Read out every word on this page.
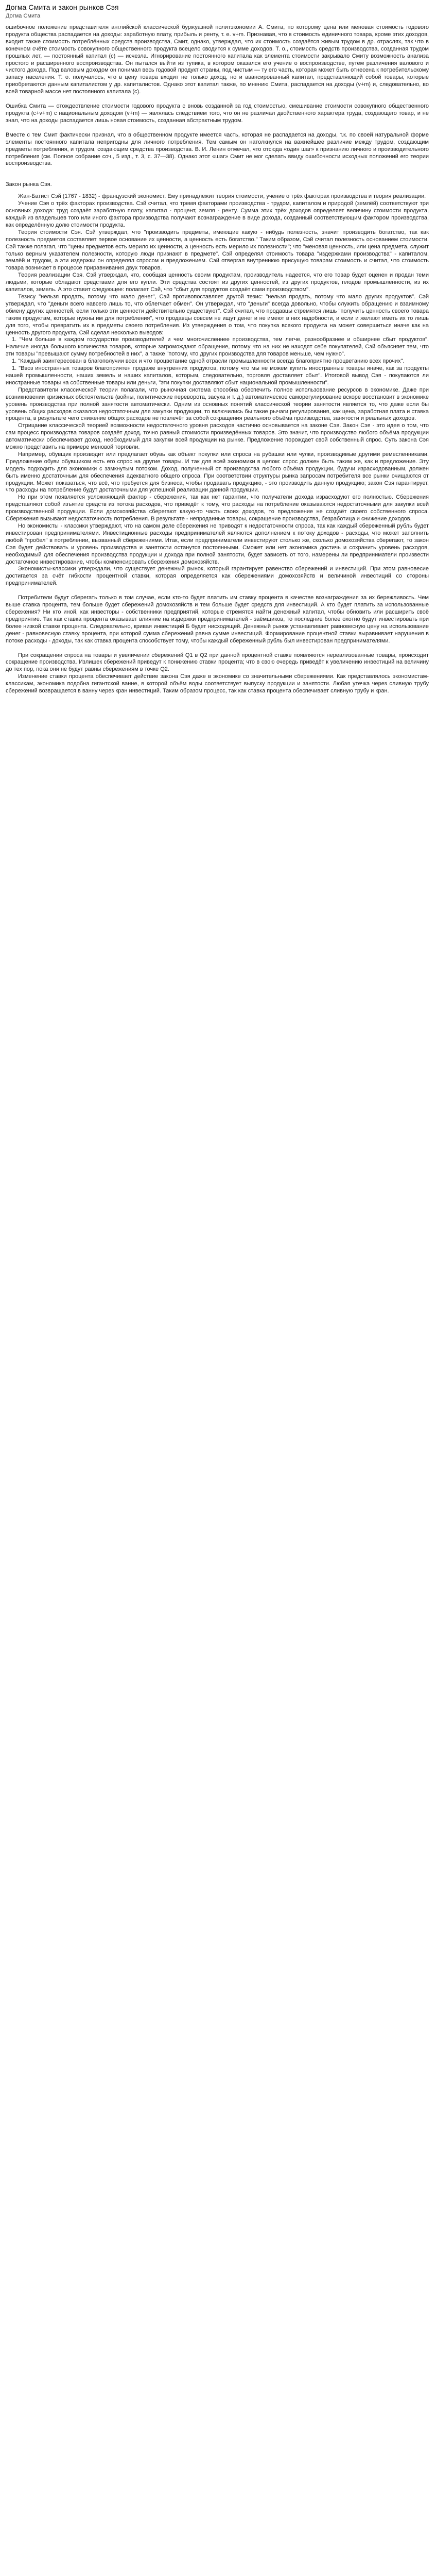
Догма Смита и закон рынков Сэя
Догма Смита

ошибочное положение представителя английской классической буржуазной политэкономии А. Смита, по которому цена или меновая стоимость годового продукта общества распадается на доходы: заработную плату, прибыль и ренту, т. е. v+m. Признавая, что в стоимость единичного товара, кроме этих доходов, входит также стоимость потреблённых средств производства, Смит, однако, утверждал, что их стоимость создаётся живым трудом в др. отраслях, так что в конечном счёте стоимость совокупного общественного продукта всецело сводится к сумме доходов. Т. о., стоимость средств производства, созданная трудом прошлых лет, — постоянный капитал (с) — исчезла. Игнорирование постоянного капитала как элемента стоимости закрывало Смиту возможность анализа простого и расширенного воспроизводства. Он пытался выйти из тупика, в котором оказался его учение о воспроизводстве, путем различения валового и чистого дохода. Под валовым доходом он понимал весь годовой продукт страны, под чистым — ту его часть, которая может быть отнесена к потребительскому запасу населения. Т. о. получалось, что в цену товара входит не только доход, но и авансированный капитал, представляющий собой товары, которые приобретаются данным капиталистом у др. капиталистов. Однако этот капитал также, по мнению Смита, распадается на доходы (v+m) и, следовательно, во всей товарной массе нет постоянного капитала (с).

Ошибка Смита — отождествление стоимости годового продукта с вновь созданной за год стоимостью, смешивание стоимости совокупного общественного продукта (с+v+m) с национальным доходом (v+m) — являлась следствием того, что он не различал двойственного характера труда, создающего товар, и не знал, что на доходы распадается лишь новая стоимость, созданная абстрактным трудом.

Вместе с тем Смит фактически признал, что в общественном продукте имеется часть, которая не распадается на доходы, т.к. по своей натуральной форме элементы постоянного капитала непригодны для личного потребления. Тем самым он натолкнулся на важнейшее различие между трудом, создающим предметы потребления, и трудом, создающим средства производства. В. И. Ленин отмечал, что отсюда «один шаг» к признанию личного и производительного потребления (см. Полное собрание соч., 5 изд., т. 3, с. 37—38). Однако этот «шаг» Смит не мог сделать ввиду ошибочности исходных положений его теории воспроизводства.

Закон рынка Сэя.

Жан-Батист Сэй (1767 - 1832) - французский экономист. Ему принадлежит теория стоимости, учение о трёх факторах производства и теория реализации.

Учение Сэя о трёх факторах производства. Сэй считал, что тремя факторами производства - трудом, капиталом и природой (землёй) соответствуют три основных дохода: труд создаёт заработную плату, капитал - процент, земля - ренту. Сумма этих трёх доходов определяет величину стоимости продукта, каждый из владельцев того или иного фактора производства получают вознаграждение в виде дохода, созданный соответствующим фактором производства, как определённую долю стоимости продукта.

Теория стоимости Сэя. Сэй утверждал, что "производить предметы, имеющие какую - нибудь полезность, значит производить богатство, так как полезность предметов составляет первое основание их ценности, а ценность есть богатство." Таким образом, Сэй считал полезность основанием стоимости. Сэй также полагал, что "цены предметов есть мерило их ценности, а ценность есть мерило их полезности"; что "меновая ценность, или цена предмета, служит только верным указателем полезности, которую люди признают в предмете". Сэй определял стоимость товара "издержками производства" - капиталом, землёй и трудом, а эти издержки он определял спросом и предложением. Сэй отвергал внутреннюю присущую товарам стоимость и считал, что стоимость товара возникает в процессе приравнивания двух товаров.

Теория реализации Сэя. Сэй утверждал, что, сообщая ценность своим продуктам, производитель надеется, что его товар будет оценен и продан теми людьми, которые обладают средствами для его купли. Эти средства состоят из других ценностей, из других продуктов, плодов промышленности, из их капиталов, земель. А это ставит следующее: полагает Сэй, что "сбыт для продуктов создаёт сами производством".

Тезису "нельзя продать, потому что мало денег", Сэй противопоставляет другой тезис: "нельзя продать, потому что мало других продуктов". Сэй утверждал, что "деньги всего навсего лишь то, что облегчает обмен". Он утверждал, что "деньги" всегда довольно, чтобы служить обращению и взаимному обмену других ценностей, если только эти ценности действительно существуют". Сэй считал, что продавцы стремятся лишь "получить ценность своего товара таким продуктам, которые нужны им для потребления", что продавцы совсем не ищут денег и не имеют в них надобности, и если и желают иметь их то лишь для того, чтобы превратить их в предметы своего потребления. Из утверждения о том, что покупка всякого продукта на может совершиться иначе как на ценность другого продукта, Сэй сделал несколько выводов:

1. "Чем больше в каждом государстве производителей и чем многочисленнее производства, тем легче, разнообразнее и обширнее сбыт продуктов". Наличие иногда большого количества товаров, которые загромождают обращение, потому что на них не находят себе покупателей, Сэй объясняет тем, что эти товары "превышают сумму потребностей в них", а также "потому, что других производства для товаров меньше, чем нужно".

1. "Каждый заинтересован в благополучии всех и что процветание одной отрасли промышленности всегда благоприятно процветанию всех прочих".

1. "Ввоз иностранных товаров благоприятен продаже внутренних продуктов, потому что мы не можем купить иностранные товары иначе, как за продукты нашей промышленности, наших земель и наших капиталов, которым, следовательно, торговля доставляет сбыт". Итоговой вывод Сэя - покупаются ли иностранные товары на собственные товары или деньги, "эти покупки доставляют сбыт национальной промышленности".

Представители классической теории полагали, что рыночная система способна обеспечить полное использование ресурсов в экономике. Даже при возникновении кризисных обстоятельств (войны, политические переворота, засуха и т. д.) автоматическое саморегулирование вскоре восстановит в экономике уровень производства при полной занятости автоматически. Одним из основных понятий классической теории занятости является то, что даже если бы уровень общих расходов оказался недостаточным для закупки продукции, то включились бы такие рычаги регулирования, как цена, заработная плата и ставка процента, в результате чего снижение общих расходов не повлечёт за собой сокращения реального объёма производства, занятости и реальных доходов.

Отрицание классической теорией возможности недостаточного уровня расходов частично основывается на законе Сэя. Закон Сэя - это идея о том, что сам процесс производства товаров создаёт доход, точно равный стоимости произведённых товаров. Это значит, что производство любого объёма продукции автоматически обеспечивает доход, необходимый для закупки всей продукции на рынке. Предложение порождает свой собственный спрос. Суть закона Сэя можно представить на примере меновой торговли.

Например, обувщик производит или предлагает обувь как объект покупки или спроса на рубашки или чулки, производимые другими ремесленниками. Предложение обуви обувщиком есть его спрос на другие товары. И так для всей экономики в целом: спрос должен быть таким же, как и предложение. Эту модель подходить для экономики с замкнутым потоком. Доход, полученный от производства любого объёма продукции, будучи израсходованным, должен быть именно достаточным для обеспечения адекватного общего спроса. При соответствии структуры рынка запросам потребителя все рынки очищаются от продукции. Может показаться, что всё, что требуется для бизнеса, чтобы продавать продукцию, - это производить данную продукцию; закон Сэя гарантирует, что расходы на потребление будут достаточными для успешной реализации данной продукции.

Но при этом появляется усложняющий фактор - сбережения, так как нет гарантии, что получатели дохода израсходуют его полностью. Сбережения представляют собой изъятие средств из потока расходов, что приведёт к тому, что расходы на потребление оказываются недостаточными для закупки всей производственной продукции. Если домохозяйства сберегают какую-то часть своих доходов, то предложение не создаёт своего собственного спроса. Сбережения вызывают недостаточность потребления. В результате - непроданные товары, сокращение производства, безработица и снижение доходов.

Но экономисты - классики утверждают, что на самом деле сбережения не приводят к недостаточности спроса, так как каждый сбереженный рубль будет инвестирован предпринимателями. Инвестиционные расходы предпринимателей являются дополнением к потоку доходов - расходы, что может заполнить любой "пробел" в потреблении, вызванный сбережениями. Итак, если предприниматели инвестируют столько же, сколько домохозяйства сберегают, то закон Сэя будет действовать и уровень производства и занятости останутся постоянными. Сможет или нет экономика достичь и сохранить уровень расходов, необходимый для обеспечения производства продукции и дохода при полной занятости, будет зависеть от того, намерены ли предприниматели произвести достаточное инвестирование, чтобы компенсировать сбережения домохозяйств.

Экономисты-классики утверждали, что существует денежный рынок, который гарантирует равенство сбережений и инвестиций. При этом равновесие достигается за счёт гибкости процентной ставки, которая определяется как сбережениями домохозяйств и величиной инвестиций со стороны предпринимателей.

Потребители будут сберегать только в том случае, если кто-то будет платить им ставку процента в качестве вознаграждения за их бережливость. Чем выше ставка процента, тем больше будет сбережений домохозяйств и тем больше будет средств для инвестиций. А кто будет платить за использованные сбережения? Ни кто иной, как инвесторы - собственники предприятий, которые стремятся найти денежный капитал, чтобы обновить или расширить своё предприятие. Так как ставка процента оказывает влияние на издержки предпринимателей - заёмщиков, то последние более охотно будут инвестировать при более низкой ставке процента. Следовательно, кривая инвестиций Б будет нисходящей. Денежный рынок устанавливает равновесную цену на использование денег - равновесную ставку процента, при которой сумма сбережений равна сумме инвестиций. Формирование процентной ставки выравнивает нарушения в потоке расходы - доходы, так как ставка процента способствует тому, чтобы каждый сбереженный рубль был инвестирован предпринимателями.

При сокращении спроса на товары и увеличении сбережений Q1 в Q2 при данной процентной ставке появляются нереализованные товары, происходит сокращение производства. Излишек сбережений приведут к понижению ставки процента; что в свою очередь приведёт к увеличению инвестиций на величину до тех пор, пока они не будут равны сбережениям в точке Q2.

Изменение ставки процента обеспечивает действие закона Сэя даже в экономике со значительными сбережениями. Как представлялось экономистам-классикам, экономика подобна гигантской ванне, в которой объём воды соответствует выпуску продукции и занятости. Любая утечка через сливную трубу сбережений возвращается в ванну через кран инвестиций. Таким образом процесс, так как ставка процента обеспечивает сливную трубу и кран.
